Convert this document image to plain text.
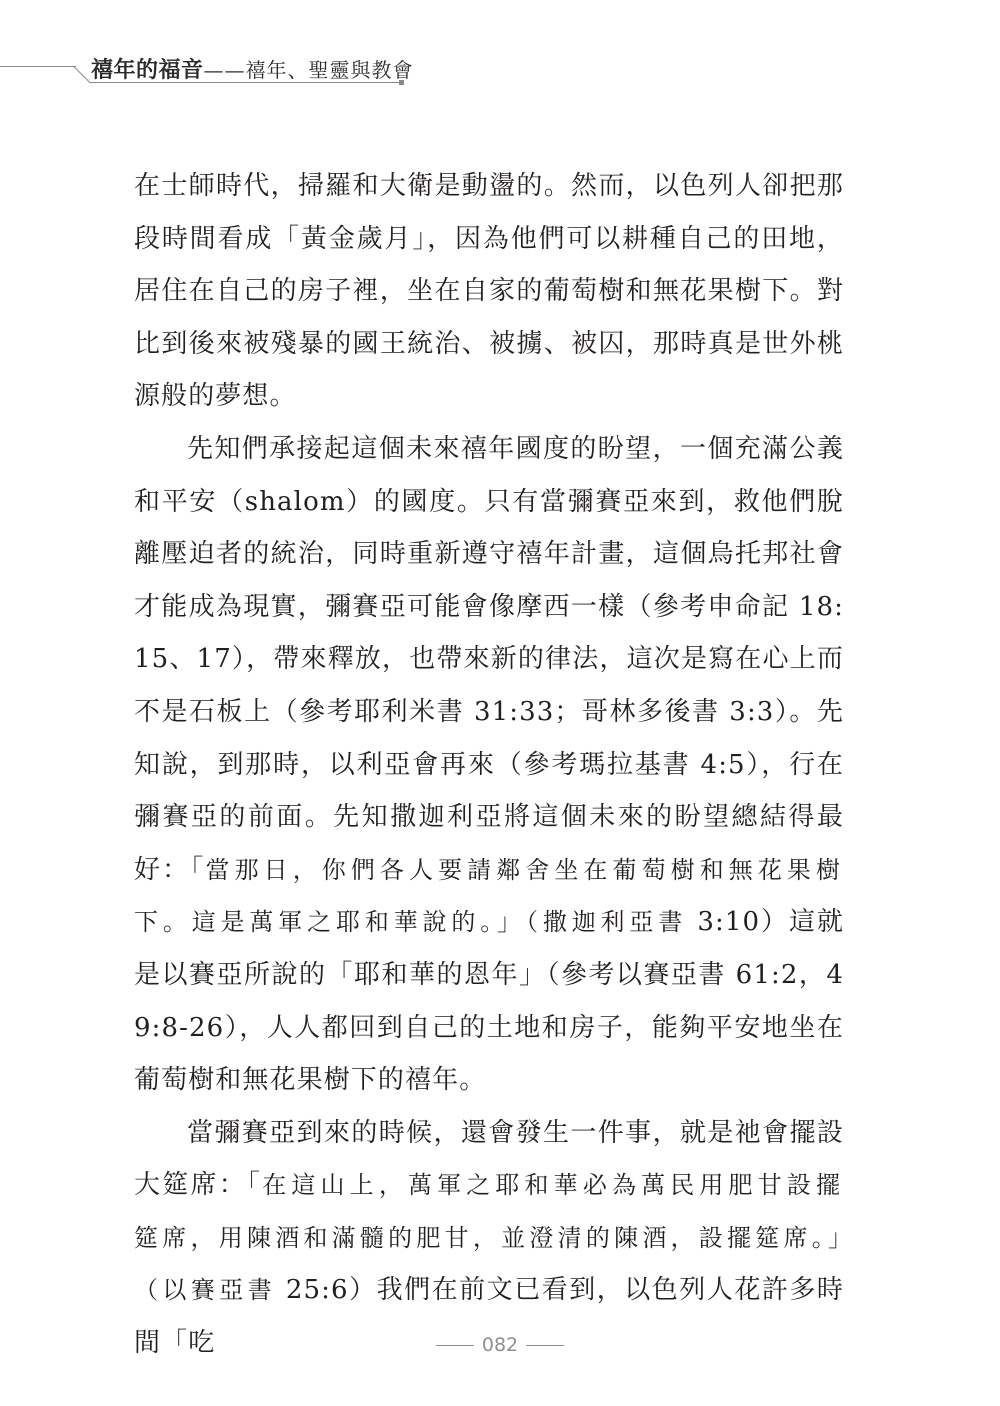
禧年的福音——禧年、聖靈與教會

在士師時代，掃羅和大衛是動盪的。然而，以色列人卻把那段時間看成「黃金歲月」，因為他們可以耕種自己的田地，居住在自己的房子裡，坐在自家的葡萄樹和無花果樹下。對比到後來被殘暴的國王統治、被擄、被囚，那時真是世外桃源般的夢想。

先知們承接起這個未來禧年國度的盼望，一個充滿公義和平安（shalom）的國度。只有當彌賽亞來到，救他們脫離壓迫者的統治，同時重新遵守禧年計畫，這個烏托邦社會才能成為現實，彌賽亞可能會像摩西一樣（參考申命記 18:15、17），帶來釋放，也帶來新的律法，這次是寫在心上而不是石板上（參考耶利米書 31:33；哥林多後書 3:3）。先知說，到那時，以利亞會再來（參考瑪拉基書 4:5），行在彌賽亞的前面。先知撒迦利亞將這個未來的盼望總結得最好：「當那日，你們各人要請鄰舍坐在葡萄樹和無花果樹下。這是萬軍之耶和華說的。」（撒迦利亞書 3:10）這就是以賽亞所說的「耶和華的恩年」（參考以賽亞書 61:2，49:8-26），人人都回到自己的土地和房子，能夠平安地坐在葡萄樹和無花果樹下的禧年。

當彌賽亞到來的時候，還會發生一件事，就是祂會擺設大筵席：「在這山上，萬軍之耶和華必為萬民用肥甘設擺筵席，用陳酒和滿髓的肥甘，並澄清的陳酒，設擺筵席。」（以賽亞書 25:6）我們在前文已看到，以色列人花許多時間「吃	082
